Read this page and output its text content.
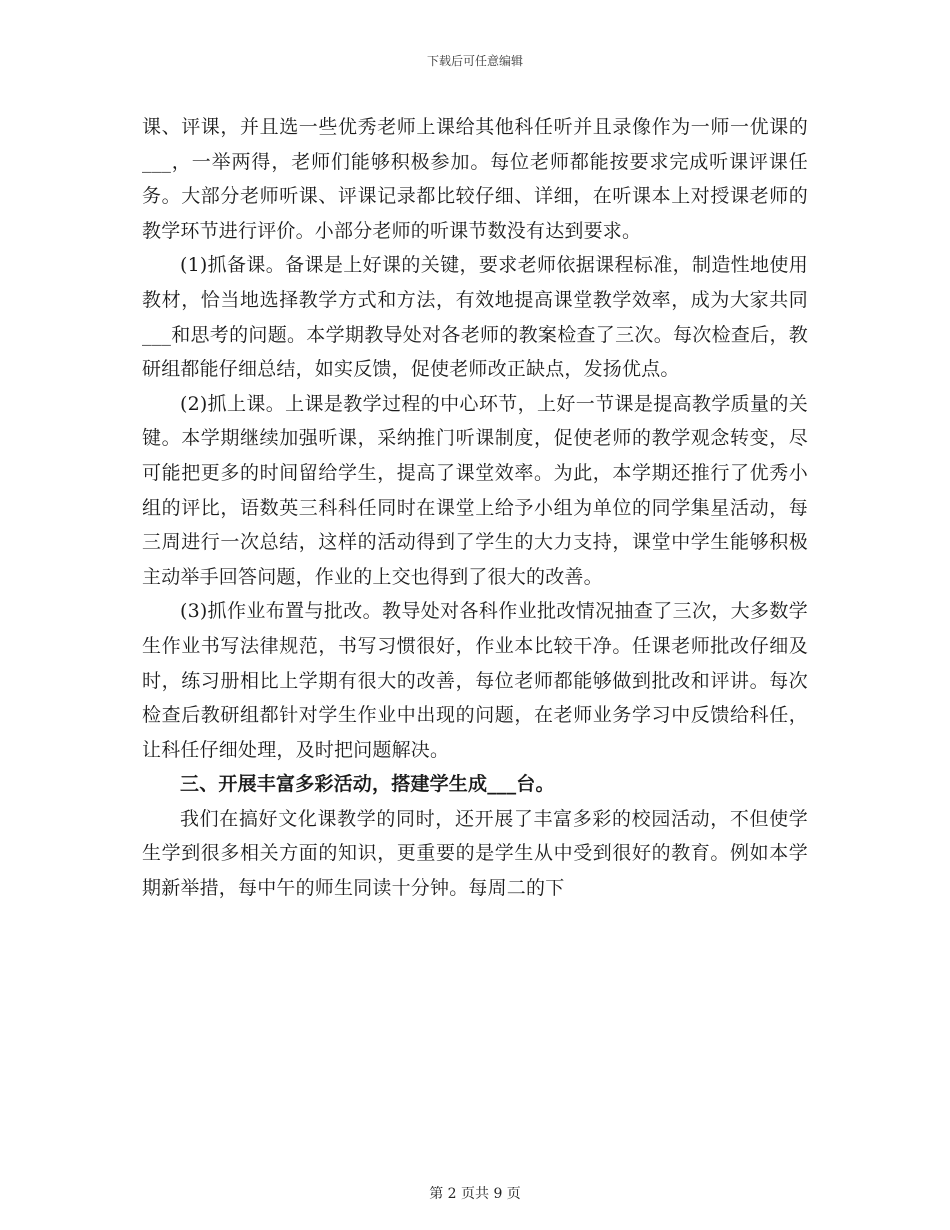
下载后可任意编辑

课、评课，并且选一些优秀老师上课给其他科任听并且录像作为一师一优课的___，一举两得，老师们能够积极参加。每位老师都能按要求完成听课评课任务。大部分老师听课、评课记录都比较仔细、详细，在听课本上对授课老师的教学环节进行评价。小部分老师的听课节数没有达到要求。

(1)抓备课。备课是上好课的关键，要求老师依据课程标准，制造性地使用教材，恰当地选择教学方式和方法，有效地提高课堂教学效率，成为大家共同___和思考的问题。本学期教导处对各老师的教案检查了三次。每次检查后，教研组都能仔细总结，如实反馈，促使老师改正缺点，发扬优点。

(2)抓上课。上课是教学过程的中心环节，上好一节课是提高教学质量的关键。本学期继续加强听课，采纳推门听课制度，促使老师的教学观念转变，尽可能把更多的时间留给学生，提高了课堂效率。为此，本学期还推行了优秀小组的评比，语数英三科科任同时在课堂上给予小组为单位的同学集星活动，每三周进行一次总结，这样的活动得到了学生的大力支持，课堂中学生能够积极主动举手回答问题，作业的上交也得到了很大的改善。

(3)抓作业布置与批改。教导处对各科作业批改情况抽查了三次，大多数学生作业书写法律规范，书写习惯很好，作业本比较干净。任课老师批改仔细及时，练习册相比上学期有很大的改善，每位老师都能够做到批改和评讲。每次检查后教研组都针对学生作业中出现的问题，在老师业务学习中反馈给科任，让科任仔细处理，及时把问题解决。

三、开展丰富多彩活动，搭建学生成___台。

我们在搞好文化课教学的同时，还开展了丰富多彩的校园活动，不但使学生学到很多相关方面的知识，更重要的是学生从中受到很好的教育。例如本学期新举措，每中午的师生同读十分钟。每周二的下

第 2 页共 9 页
